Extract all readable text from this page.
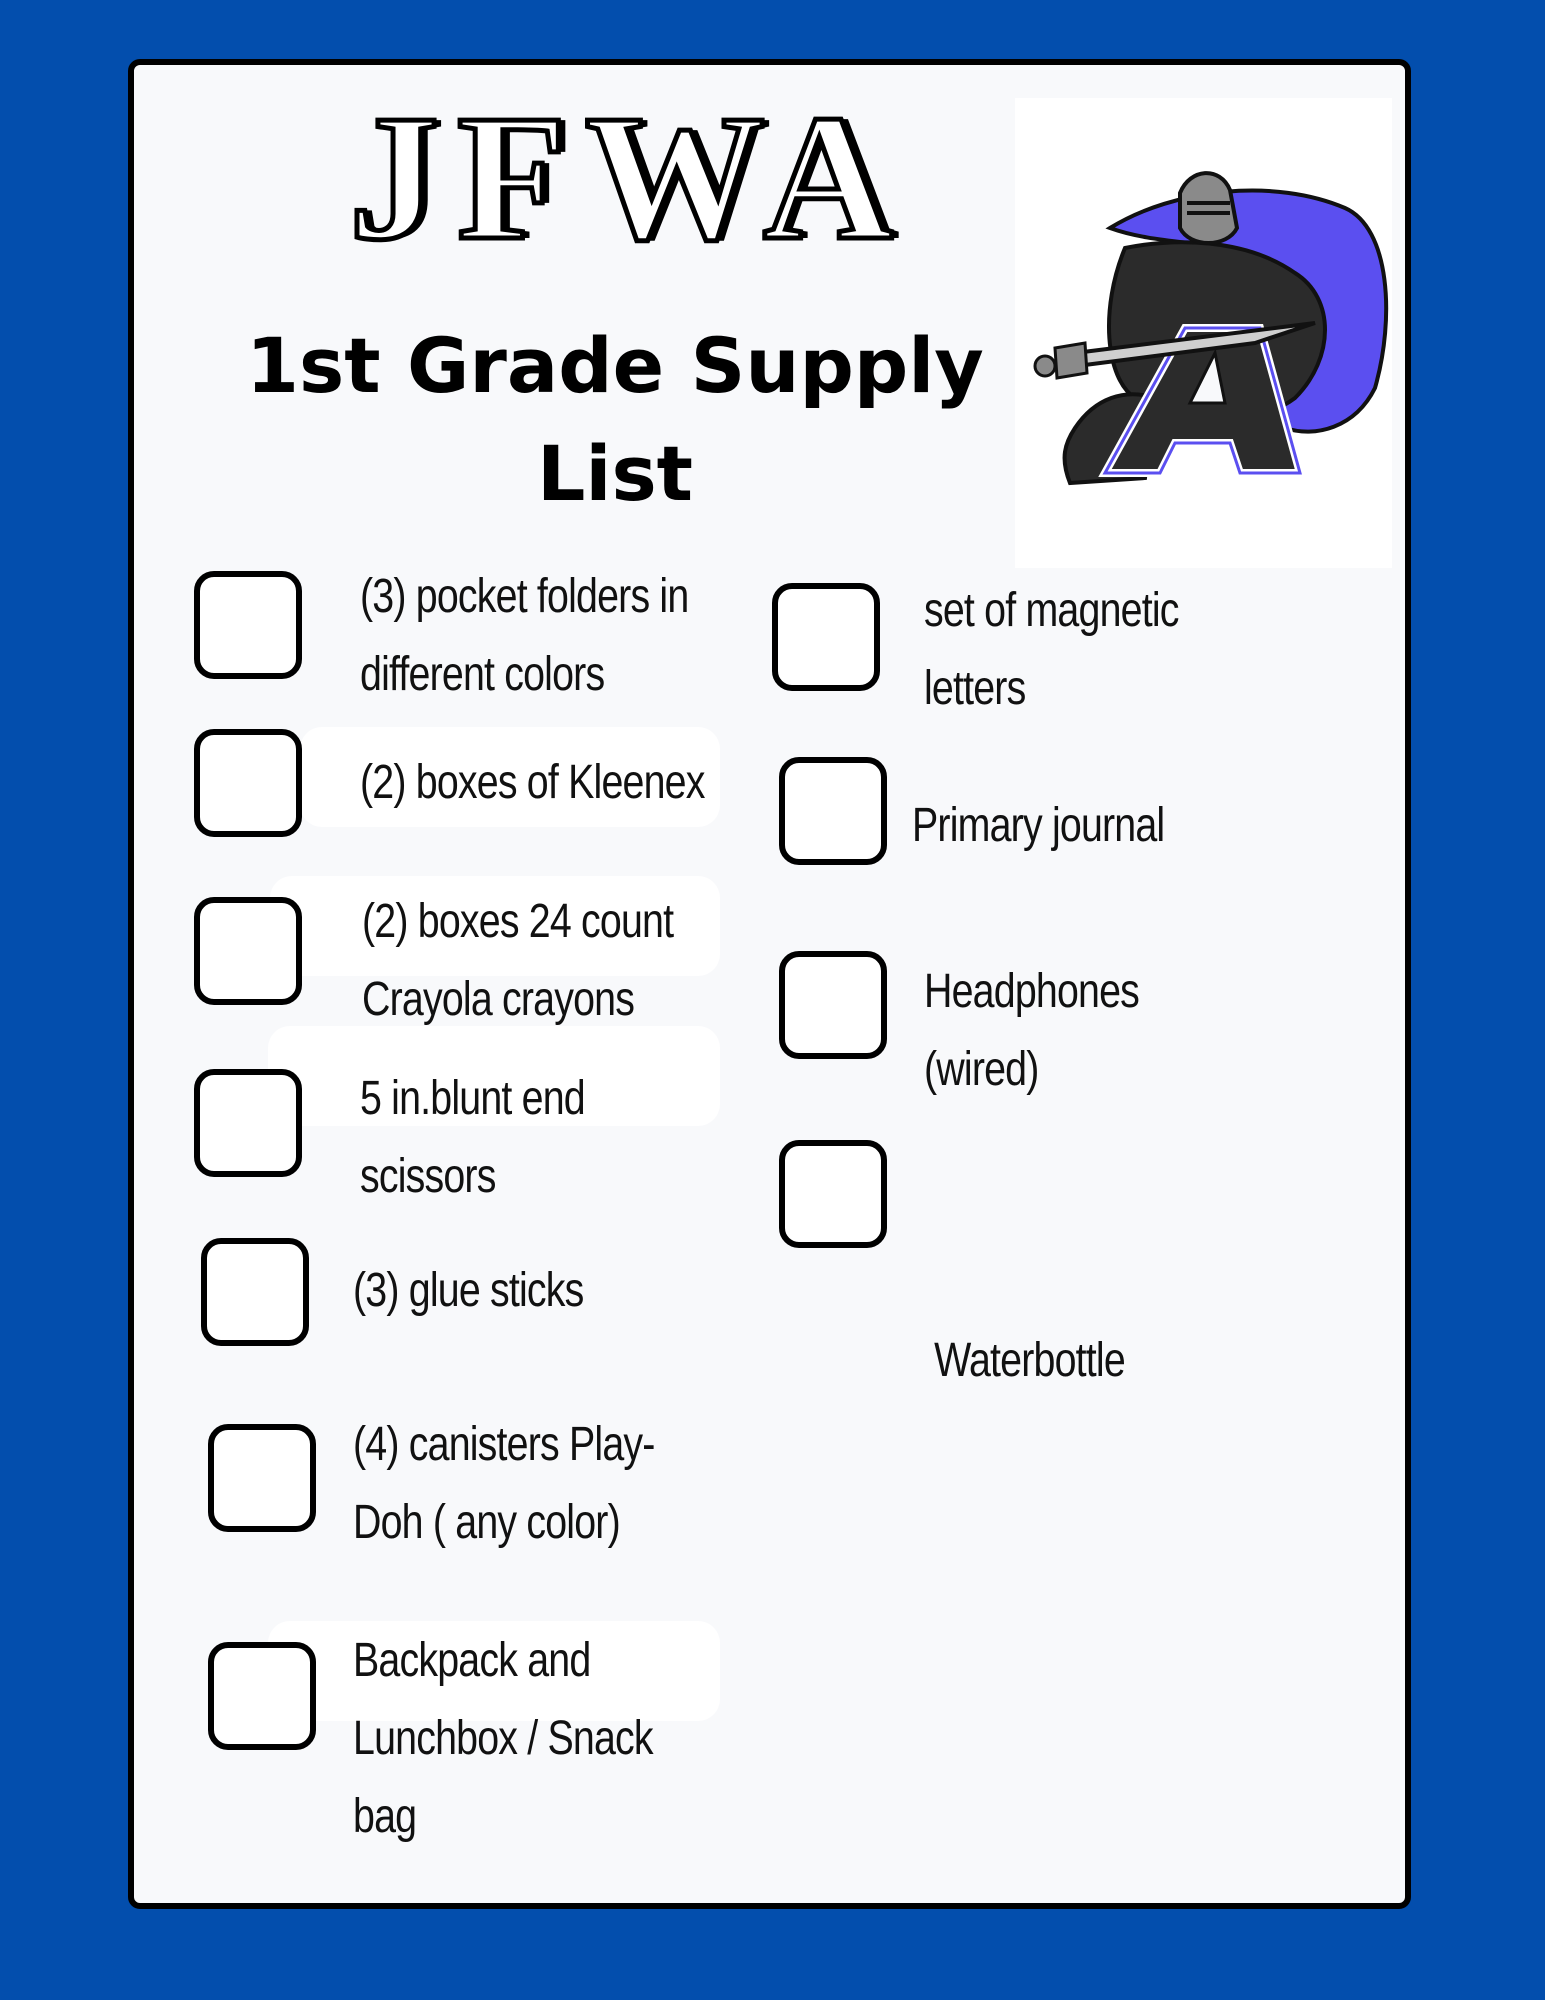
JFWA
1st Grade Supply
List
(3) pocket folders in
different colors
(2) boxes of Kleenex
(2) boxes 24 count
Crayola crayons
5 in.blunt end
scissors
(3) glue sticks
(4) canisters Play-
Doh ( any color)
Backpack and
Lunchbox / Snack
bag
set of magnetic
letters
Primary journal
Headphones
(wired)

Waterbottle
